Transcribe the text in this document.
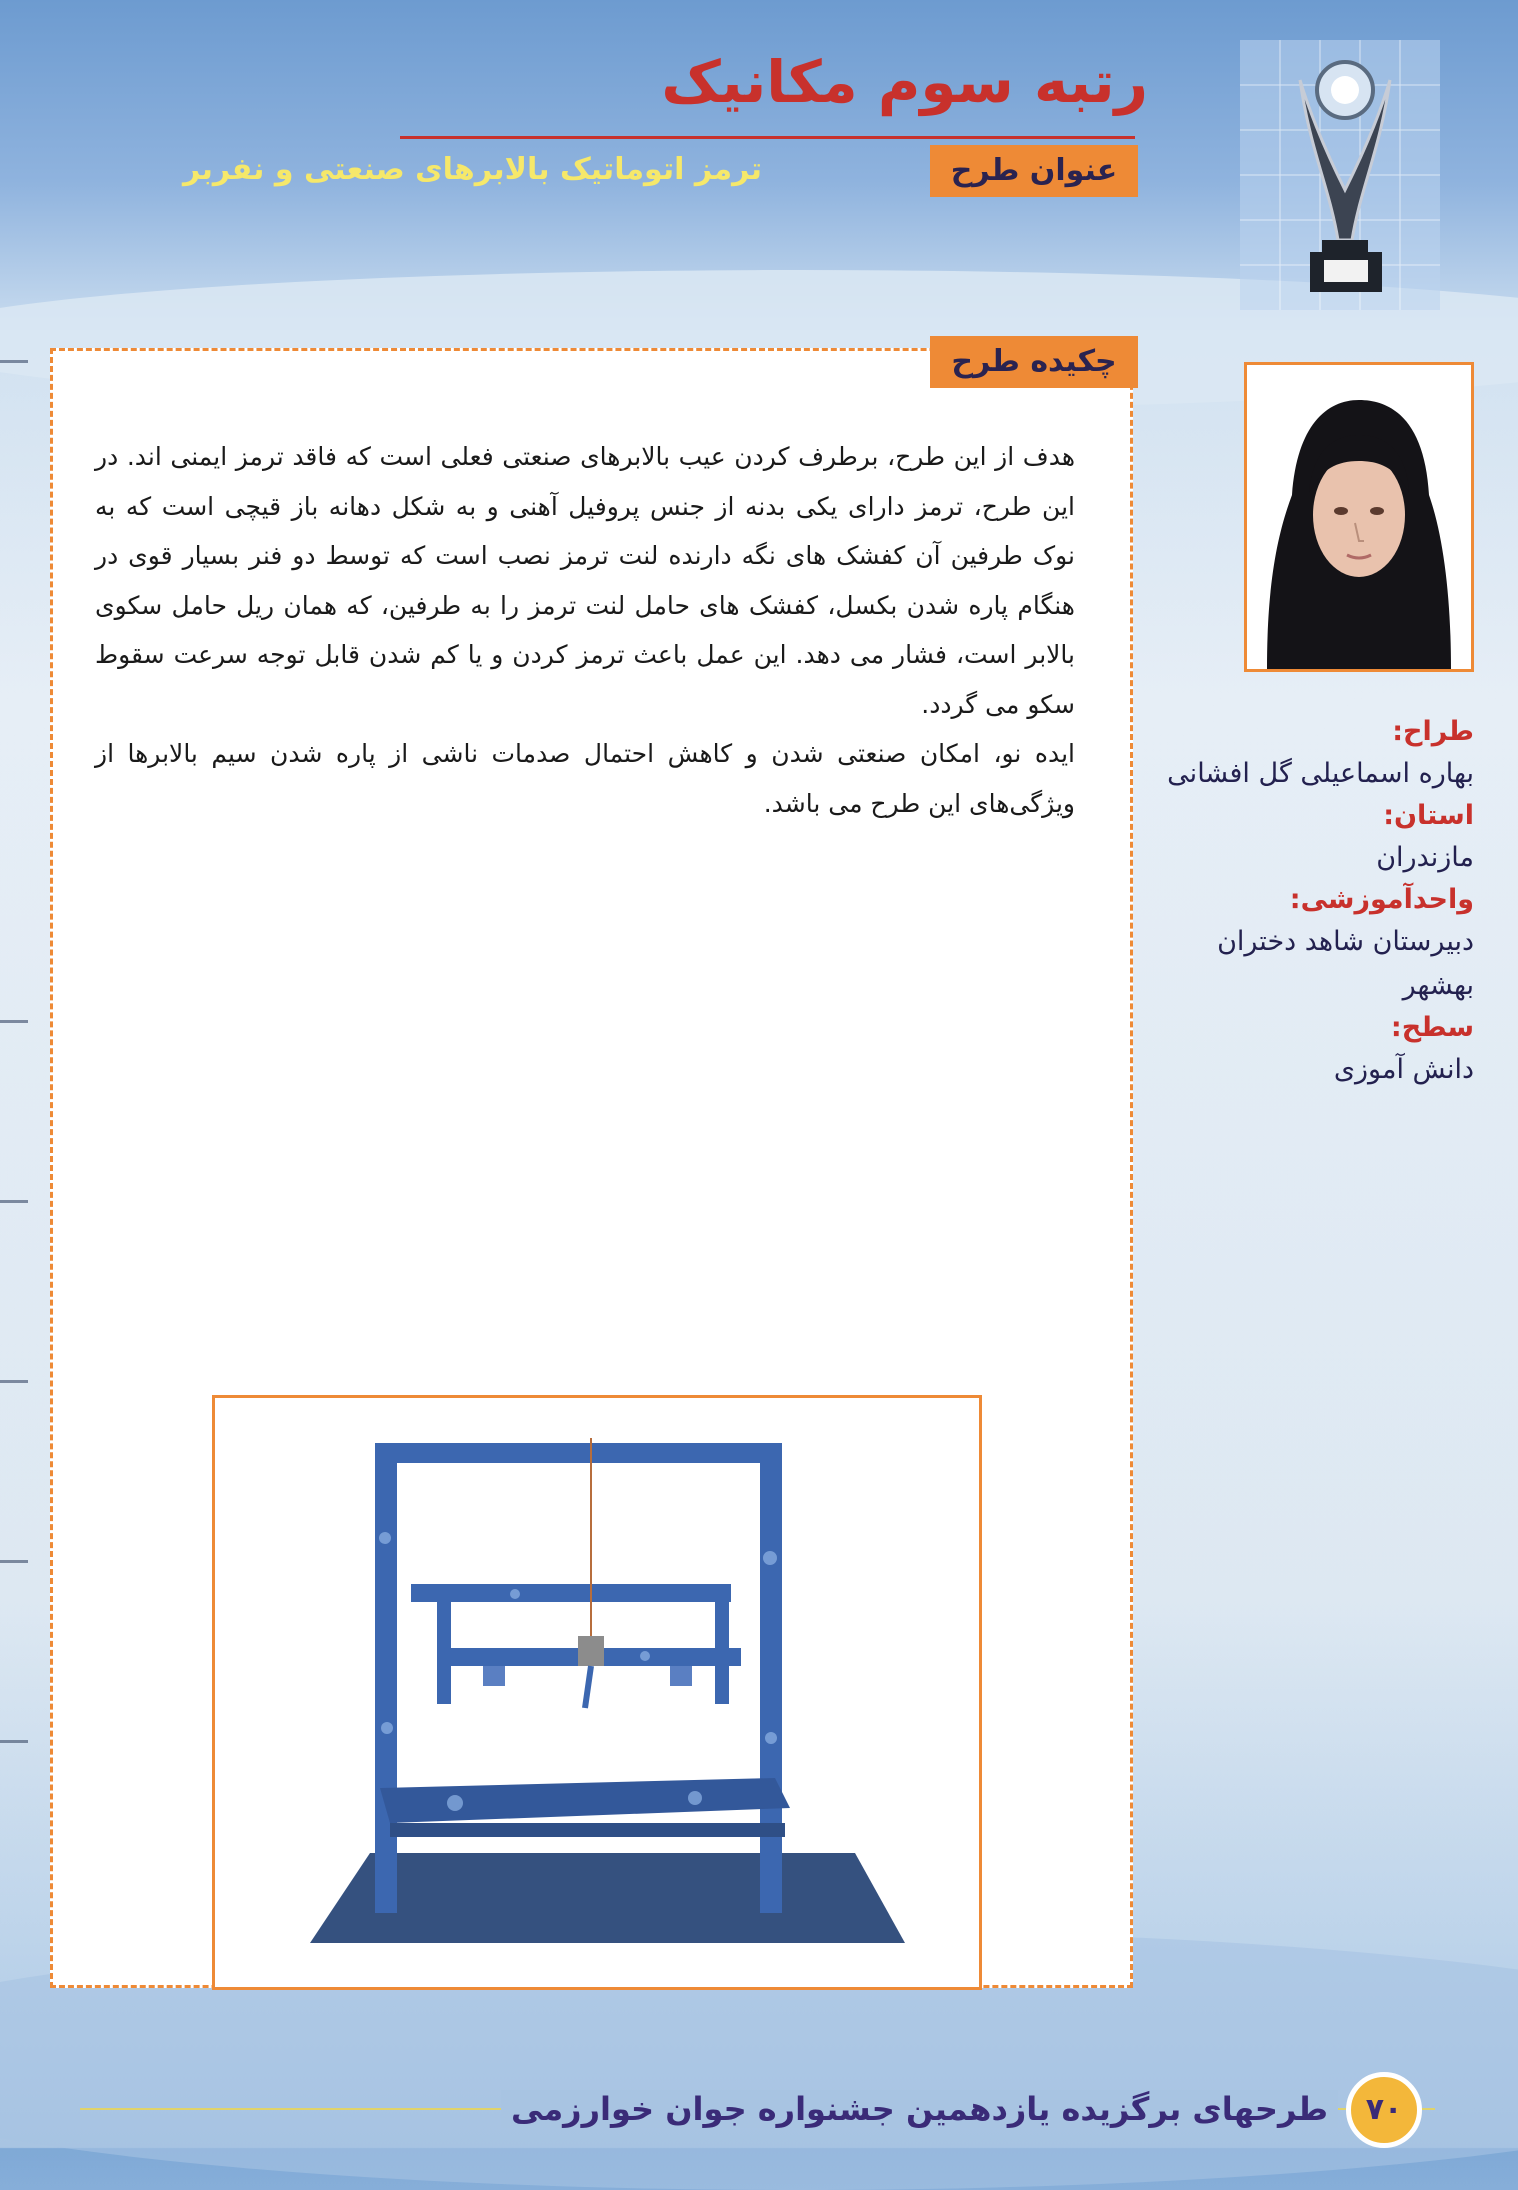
رتبه سوم مکانیک
عنوان طرح
ترمز اتوماتیک بالابرهای صنعتی و نفربر
چکیده طرح

هدف از این طرح، برطرف کردن عیب بالابرهای صنعتی فعلی است که فاقد ترمز ایمنی اند. در این طرح، ترمز دارای یکی بدنه از جنس پروفیل آهنی و به شکل دهانه باز قیچی است که به نوک طرفین آن کفشک های نگه دارنده لنت ترمز نصب است که توسط دو فنر بسیار قوی در هنگام پاره شدن بکسل، کفشک های حامل لنت ترمز را به طرفین، که همان ریل حامل سکوی بالابر است، فشار می دهد. این عمل باعث ترمز کردن و یا کم شدن قابل توجه سرعت سقوط سکو می گردد.

ایده نو، امکان صنعتی شدن و کاهش احتمال صدمات ناشی از پاره شدن سیم بالابرها از ویژگی‌های این طرح می باشد.

طراح:
بهاره اسماعیلی گل افشانی
استان:
مازندران
واحدآموزشی:
دبیرستان شاهد دختران بهشهر
سطح:
دانش آموزی
طرحهای برگزیده یازدهمین جشنواره جوان خوارزمی	۷۰
